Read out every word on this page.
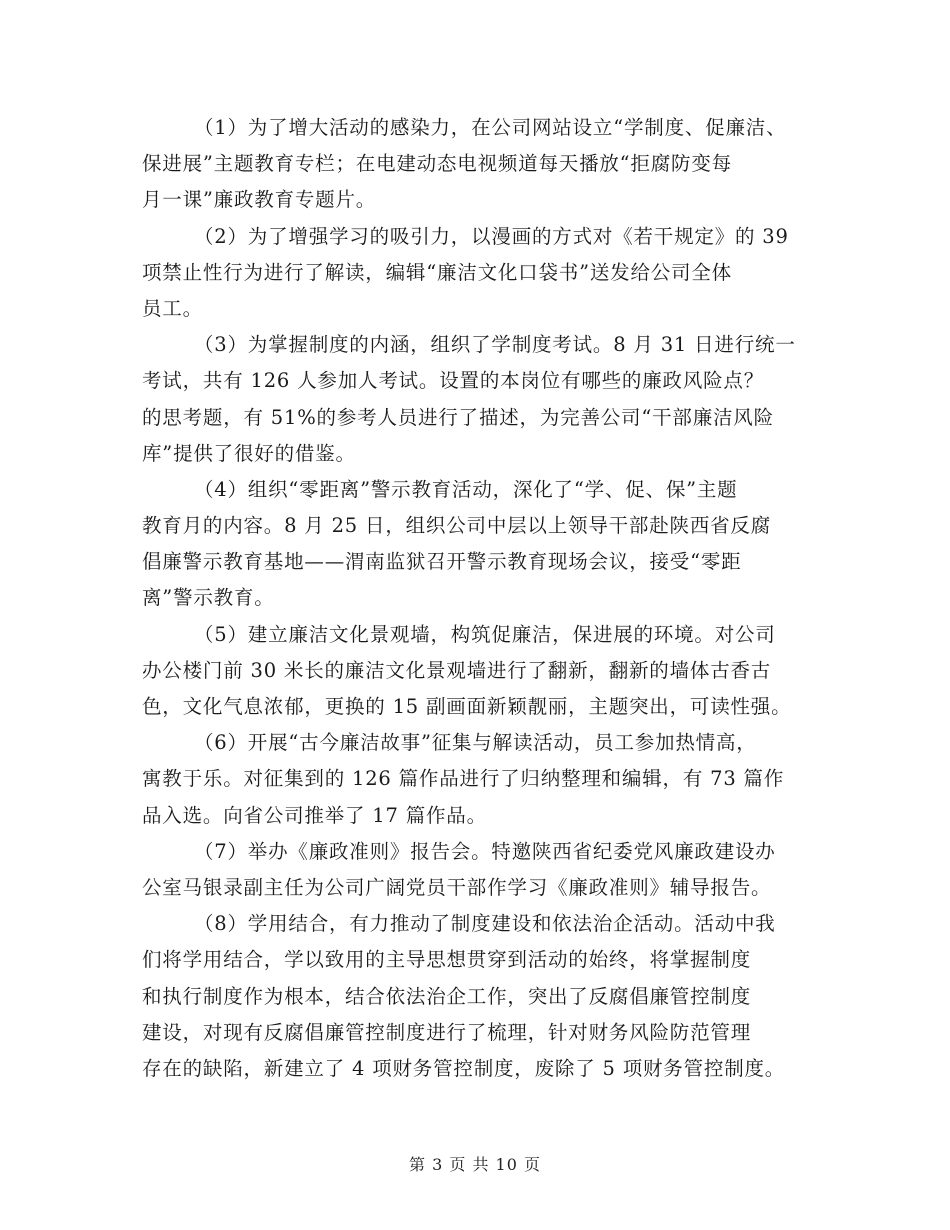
（1）为了增大活动的感染力，在公司网站设立“学制度、促廉洁、
保进展”主题教育专栏；在电建动态电视频道每天播放“拒腐防变每
月一课”廉政教育专题片。
（2）为了增强学习的吸引力，以漫画的方式对《若干规定》的 39
项禁止性行为进行了解读，编辑“廉洁文化口袋书”送发给公司全体
员工。
（3）为掌握制度的内涵，组织了学制度考试。8 月 31 日进行统一
考试，共有 126 人参加人考试。设置的本岗位有哪些的廉政风险点？
的思考题，有 51%的参考人员进行了描述，为完善公司“干部廉洁风险
库”提供了很好的借鉴。
（4）组织“零距离”警示教育活动，深化了“学、促、保”主题
教育月的内容。8 月 25 日，组织公司中层以上领导干部赴陕西省反腐
倡廉警示教育基地——渭南监狱召开警示教育现场会议，接受“零距
离”警示教育。
（5）建立廉洁文化景观墙，构筑促廉洁，保进展的环境。对公司
办公楼门前 30 米长的廉洁文化景观墙进行了翻新，翻新的墙体古香古
色，文化气息浓郁，更换的 15 副画面新颖靓丽，主题突出，可读性强。
（6）开展“古今廉洁故事”征集与解读活动，员工参加热情高，
寓教于乐。对征集到的 126 篇作品进行了归纳整理和编辑，有 73 篇作
品入选。向省公司推举了 17 篇作品。
（7）举办《廉政准则》报告会。特邀陕西省纪委党风廉政建设办
公室马银录副主任为公司广阔党员干部作学习《廉政准则》辅导报告。
（8）学用结合，有力推动了制度建设和依法治企活动。活动中我
们将学用结合，学以致用的主导思想贯穿到活动的始终，将掌握制度
和执行制度作为根本，结合依法治企工作，突出了反腐倡廉管控制度
建设，对现有反腐倡廉管控制度进行了梳理，针对财务风险防范管理
存在的缺陷，新建立了 4 项财务管控制度，废除了 5 项财务管控制度。
第 3 页 共 10 页
